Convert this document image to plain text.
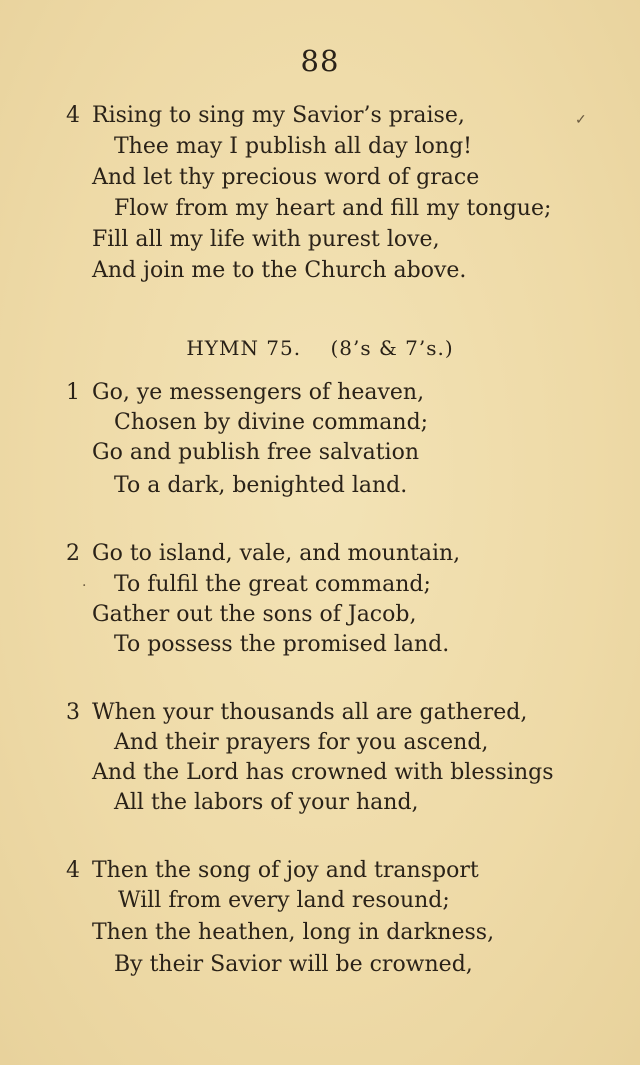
88
4 Rising to sing my Savior’s praise,
Thee may I publish all day long!
And let thy precious word of grace
Flow from my heart and fill my tongue;
Fill all my life with purest love,
And join me to the Church above.
✓
HYMN 75. (8’s & 7’s.)
1 Go, ye messengers of heaven,
Chosen by divine command;
Go and publish free salvation
To a dark, benighted land.
2 Go to island, vale, and mountain,
To fulfil the great command;
Gather out the sons of Jacob,
To possess the promised land.
·
3 When your thousands all are gathered,
And their prayers for you ascend,
And the Lord has crowned with blessings
All the labors of your hand,
4 Then the song of joy and transport
Will from every land resound;
Then the heathen, long in darkness,
By their Savior will be crowned,
